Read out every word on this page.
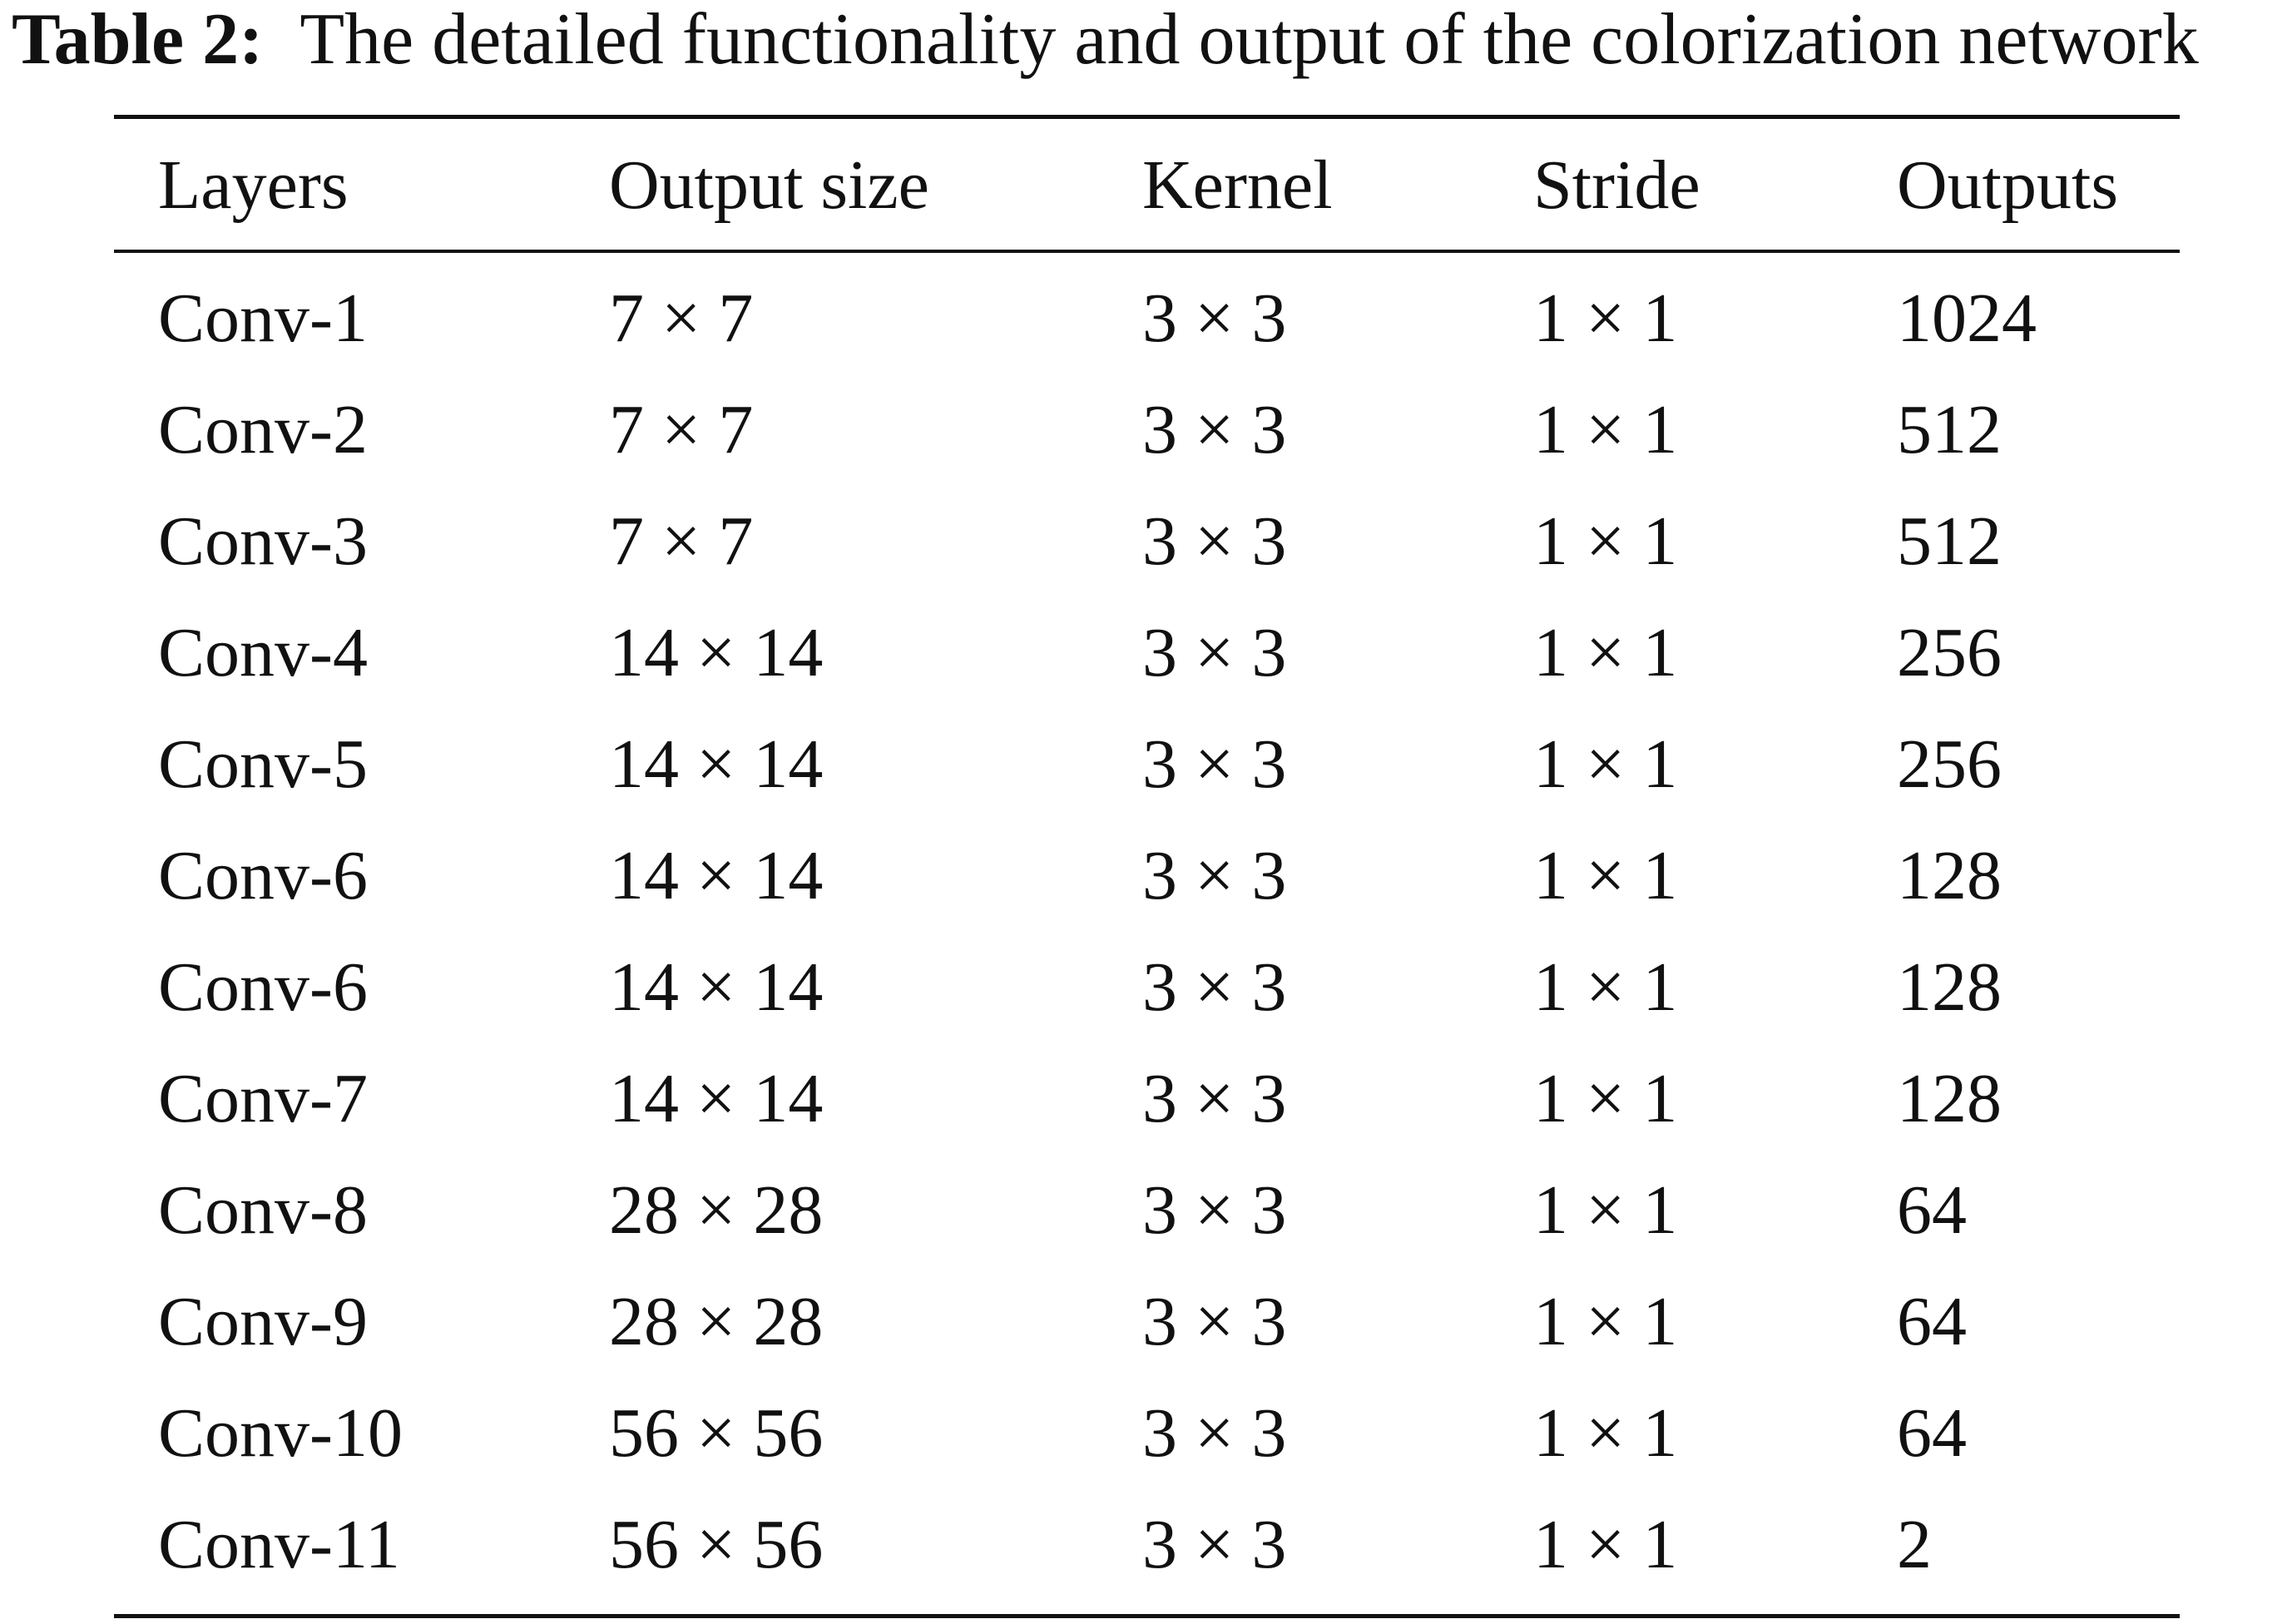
Table 2: The detailed functionality and output of the colorization network
Layers	Output size	Kernel	Stride	Outputs
Conv-1	7 × 7	3 × 3	1 × 1	1024
Conv-2	7 × 7	3 × 3	1 × 1	512
Conv-3	7 × 7	3 × 3	1 × 1	512
Conv-4	14 × 14	3 × 3	1 × 1	256
Conv-5	14 × 14	3 × 3	1 × 1	256
Conv-6	14 × 14	3 × 3	1 × 1	128
Conv-6	14 × 14	3 × 3	1 × 1	128
Conv-7	14 × 14	3 × 3	1 × 1	128
Conv-8	28 × 28	3 × 3	1 × 1	64
Conv-9	28 × 28	3 × 3	1 × 1	64
Conv-10	56 × 56	3 × 3	1 × 1	64
Conv-11	56 × 56	3 × 3	1 × 1	2
